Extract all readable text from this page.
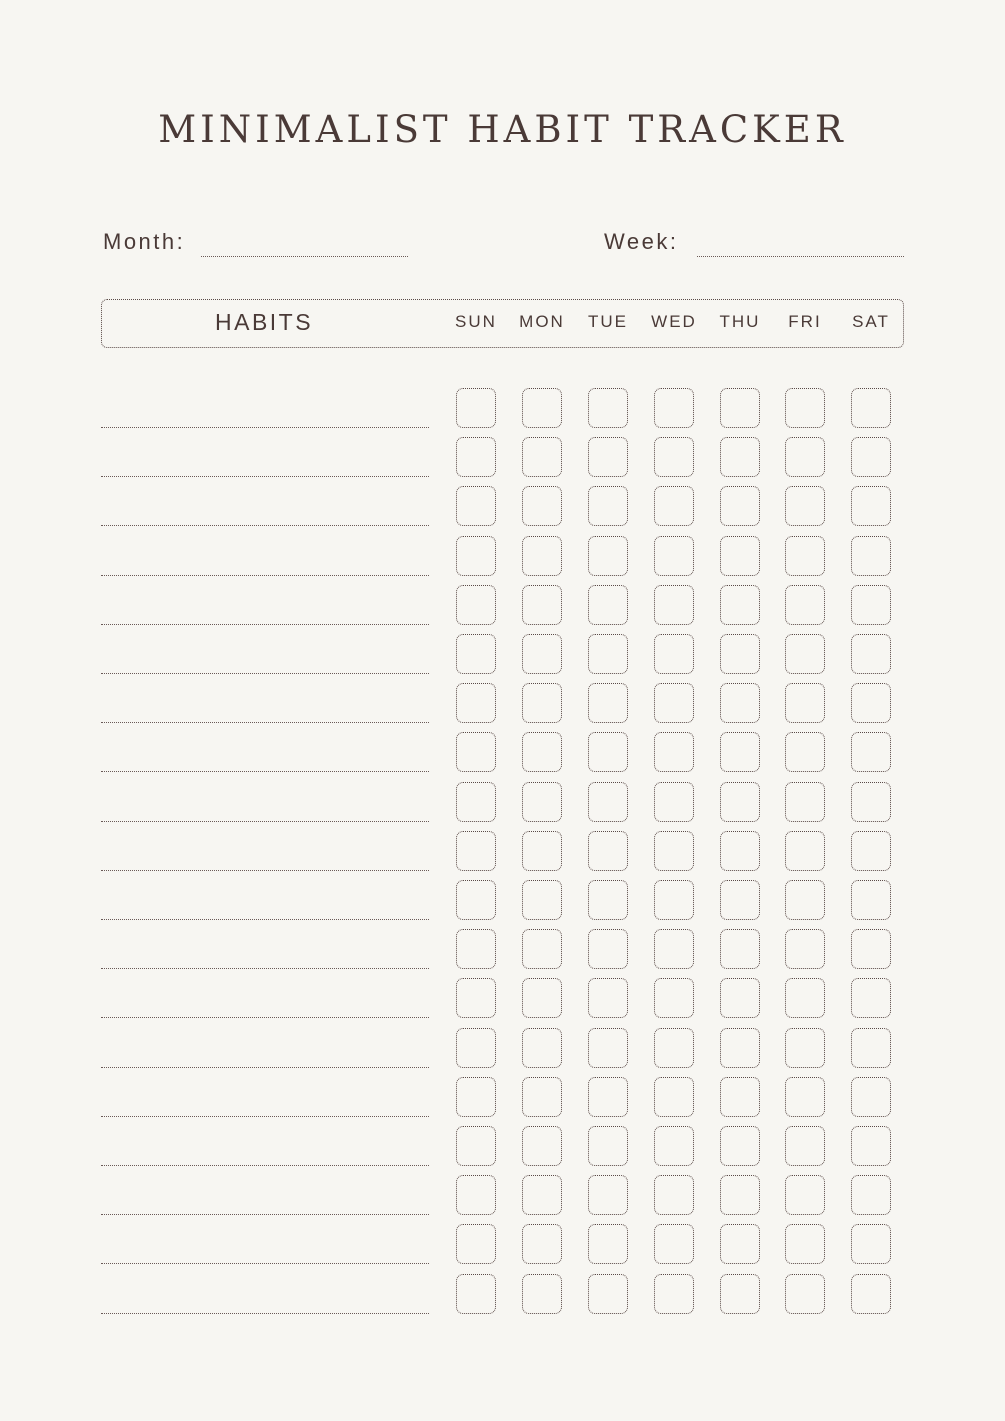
MINIMALIST HABIT TRACKER
Month:	Week:
HABITS	SUN	MON	TUE	WED	THU	FRI	SAT
